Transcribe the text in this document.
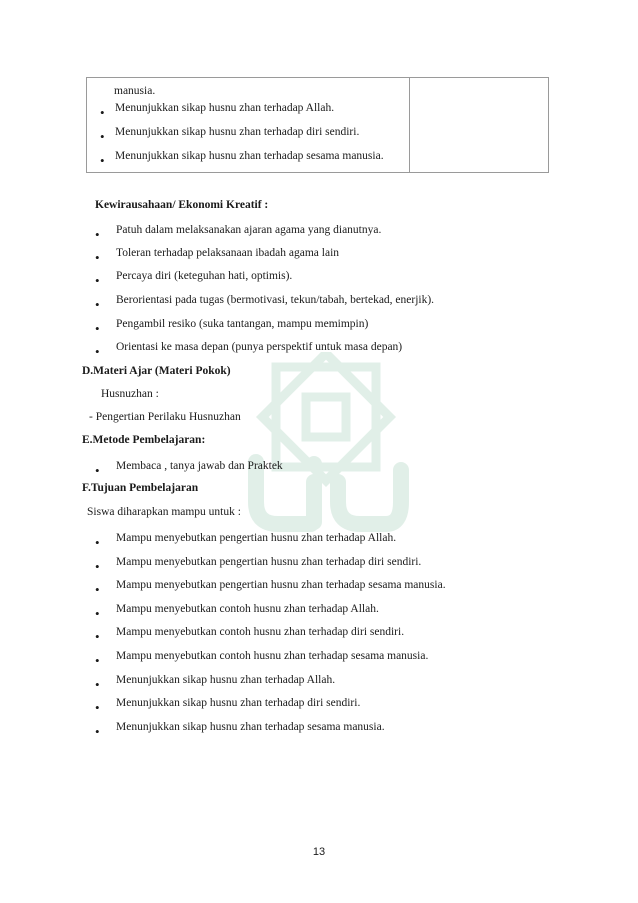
manusia.
• Menunjukkan sikap husnu zhan terhadap Allah.
• Menunjukkan sikap husnu zhan terhadap diri sendiri.
• Menunjukkan sikap husnu zhan terhadap sesama manusia.
Kewirausahaan/ Ekonomi Kreatif :
• Patuh dalam melaksanakan ajaran agama yang dianutnya.
• Toleran terhadap pelaksanaan ibadah agama lain
• Percaya diri (keteguhan hati, optimis).
• Berorientasi pada tugas (bermotivasi, tekun/tabah, bertekad, enerjik).
• Pengambil resiko (suka tantangan, mampu memimpin)
• Orientasi ke masa depan (punya perspektif untuk masa depan)
D.Materi Ajar (Materi Pokok)
Husnuzhan :
- Pengertian Perilaku Husnuzhan
E.Metode Pembelajaran:
• Membaca , tanya jawab dan Praktek
F.Tujuan Pembelajaran
Siswa diharapkan mampu untuk :
• Mampu menyebutkan pengertian husnu zhan terhadap Allah.
• Mampu menyebutkan pengertian husnu zhan terhadap diri sendiri.
• Mampu menyebutkan pengertian husnu zhan terhadap sesama manusia.
• Mampu menyebutkan contoh husnu zhan terhadap Allah.
• Mampu menyebutkan contoh husnu zhan terhadap diri sendiri.
• Mampu menyebutkan contoh husnu zhan terhadap sesama manusia.
• Menunjukkan sikap husnu zhan terhadap Allah.
• Menunjukkan sikap husnu zhan terhadap diri sendiri.
• Menunjukkan sikap husnu zhan terhadap sesama manusia.
13
